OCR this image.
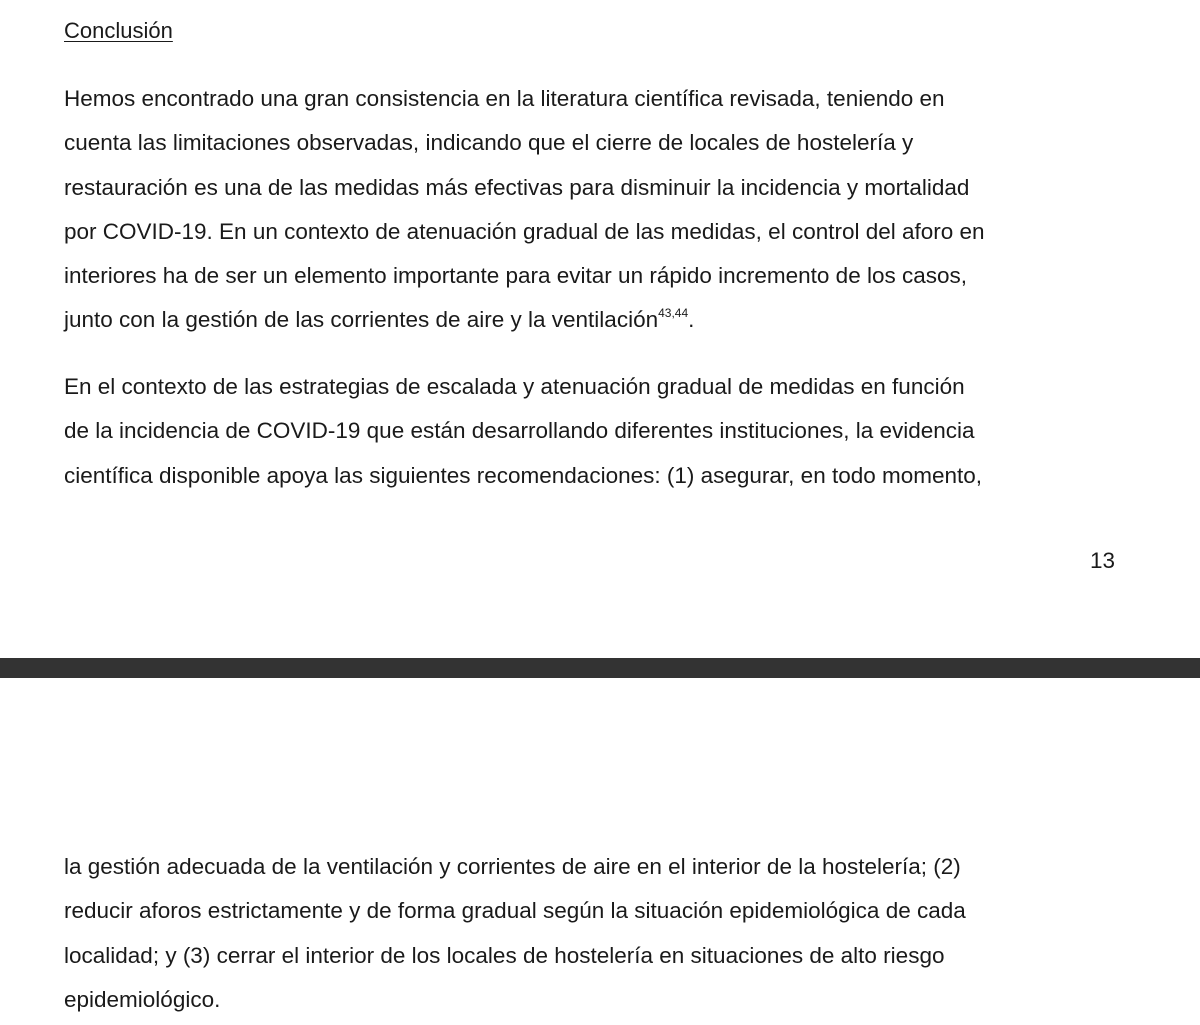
Conclusión

Hemos encontrado una gran consistencia en la literatura científica revisada, teniendo en
cuenta las limitaciones observadas, indicando que el cierre de locales de hostelería y
restauración es una de las medidas más efectivas para disminuir la incidencia y mortalidad
por COVID-19. En un contexto de atenuación gradual de las medidas, el control del aforo en
interiores ha de ser un elemento importante para evitar un rápido incremento de los casos,
junto con la gestión de las corrientes de aire y la ventilación$^{43,44}$.

En el contexto de las estrategias de escalada y atenuación gradual de medidas en función
de la incidencia de COVID-19 que están desarrollando diferentes instituciones, la evidencia
científica disponible apoya las siguientes recomendaciones: (1) asegurar, en todo momento,

13

la gestión adecuada de la ventilación y corrientes de aire en el interior de la hostelería; (2)
reducir aforos estrictamente y de forma gradual según la situación epidemiológica de cada
localidad; y (3) cerrar el interior de los locales de hostelería en situaciones de alto riesgo
epidemiológico.
